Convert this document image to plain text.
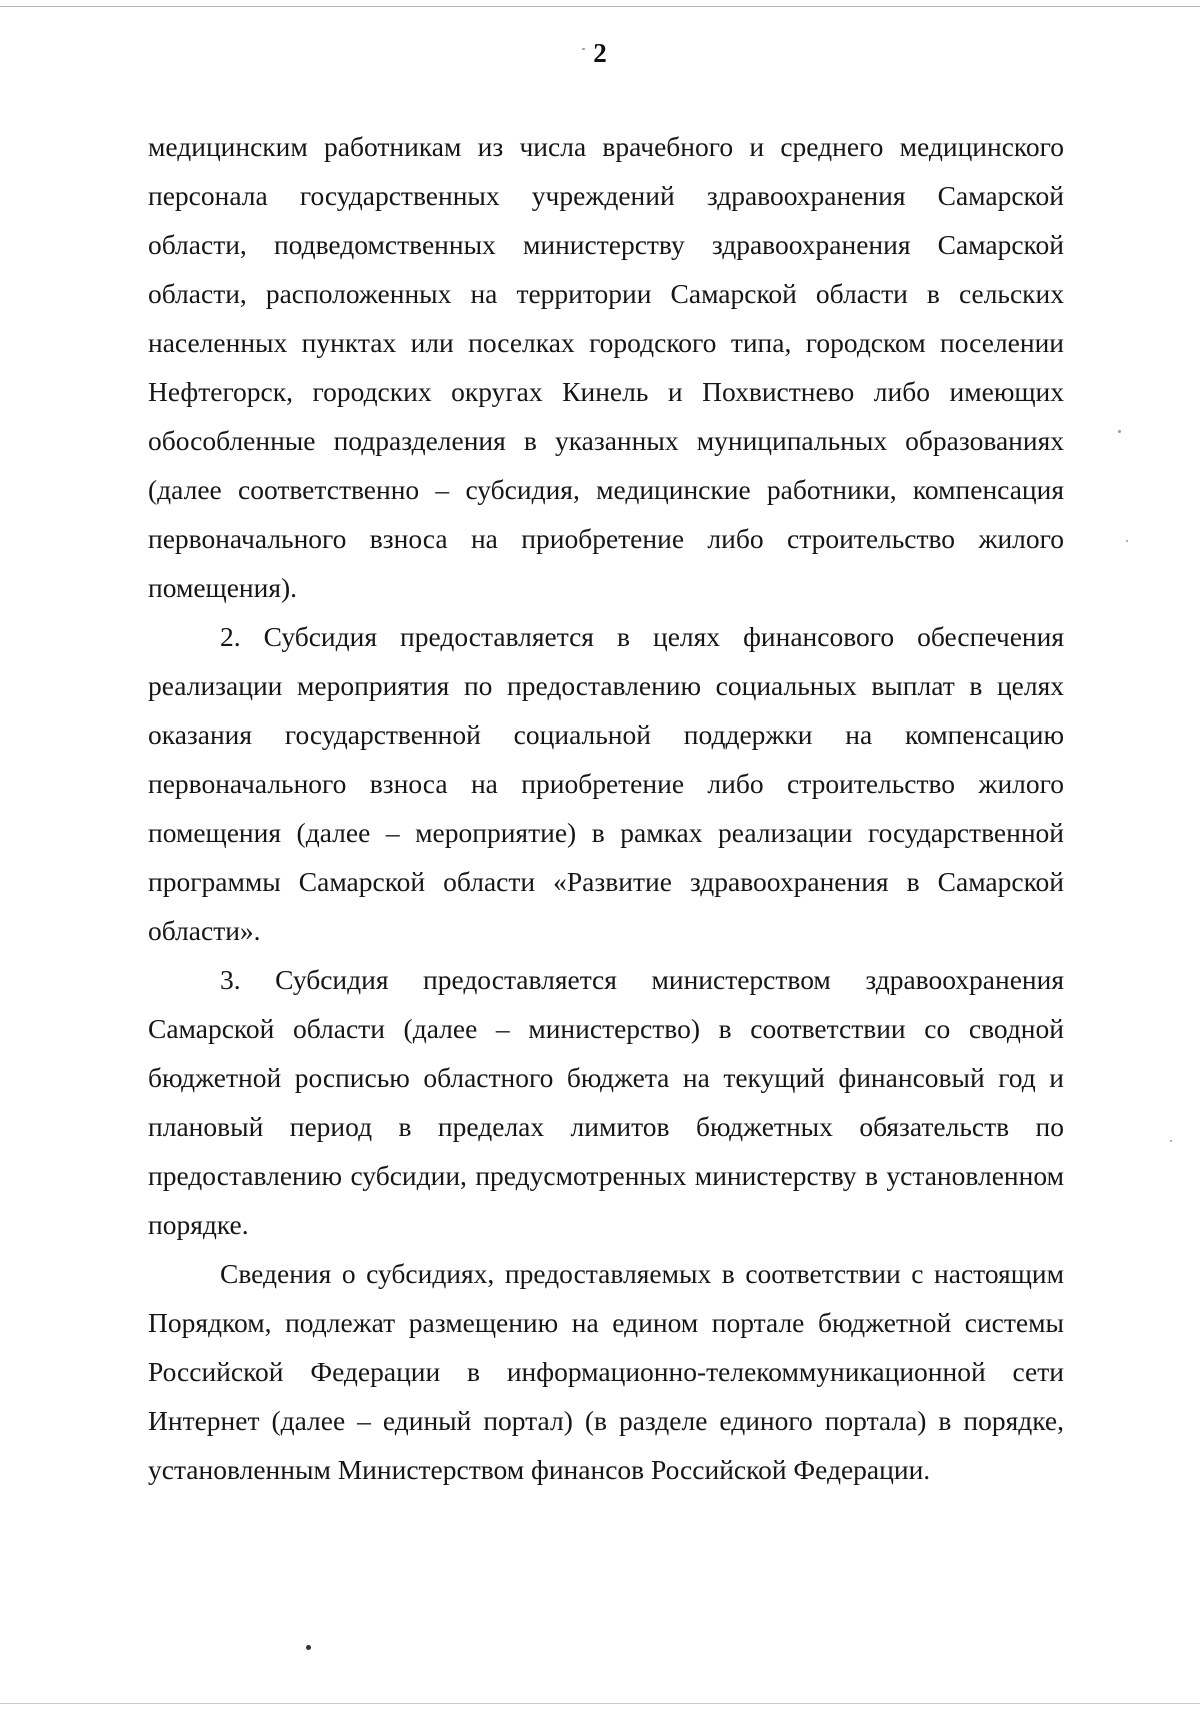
2

медицинским работникам из числа врачебного и среднего медицинского персонала государственных учреждений здравоохранения Самарской области, подведомственных министерству здравоохранения Самарской области, расположенных на территории Самарской области в сельских населенных пунктах или поселках городского типа, городском поселении Нефтегорск, городских округах Кинель и Похвистнево либо имеющих обособленные подразделения в указанных муниципальных образованиях (далее соответственно – субсидия, медицинские работники, компенсация первоначального взноса на приобретение либо строительство жилого помещения).

2. Субсидия предоставляется в целях финансового обеспечения реализации мероприятия по предоставлению социальных выплат в целях оказания государственной социальной поддержки на компенсацию первоначального взноса на приобретение либо строительство жилого помещения (далее – мероприятие) в рамках реализации государственной программы Самарской области «Развитие здравоохранения в Самарской области».

3. Субсидия предоставляется министерством здравоохранения Самарской области (далее – министерство) в соответствии со сводной бюджетной росписью областного бюджета на текущий финансовый год и плановый период в пределах лимитов бюджетных обязательств по предоставлению субсидии, предусмотренных министерству в установленном порядке.

Сведения о субсидиях, предоставляемых в соответствии с настоящим Порядком, подлежат размещению на едином портале бюджетной системы Российской Федерации в информационно-телекоммуникационной сети Интернет (далее – единый портал) (в разделе единого портала) в порядке, установленным Министерством финансов Российской Федерации.
